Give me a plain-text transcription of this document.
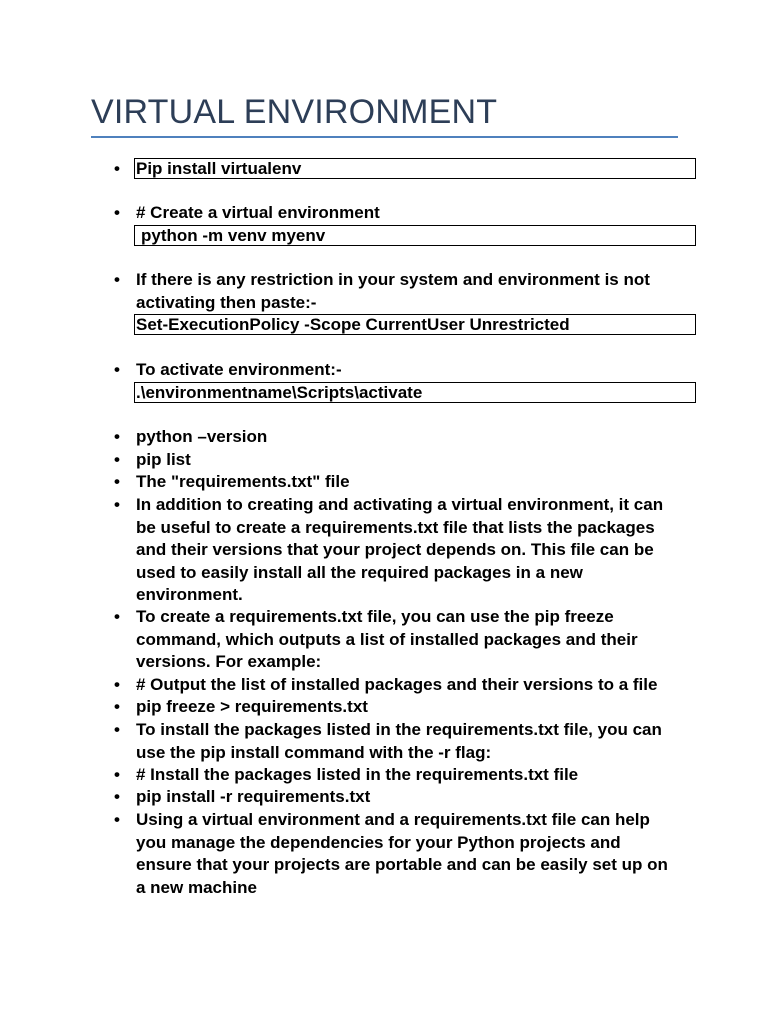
VIRTUAL ENVIRONMENT
• Pip install virtualenv
• # Create a virtual environment
python -m venv myenv
• If there is any restriction in your system and environment is not activating then paste:-
Set-ExecutionPolicy -Scope CurrentUser Unrestricted
• To activate environment:-
.\environmentname\Scripts\activate
• python –version
• pip list
• The "requirements.txt" file
• In addition to creating and activating a virtual environment, it can be useful to create a requirements.txt file that lists the packages and their versions that your project depends on. This file can be used to easily install all the required packages in a new environment.
• To create a requirements.txt file, you can use the pip freeze command, which outputs a list of installed packages and their versions. For example:
• # Output the list of installed packages and their versions to a file
• pip freeze > requirements.txt
• To install the packages listed in the requirements.txt file, you can use the pip install command with the -r flag:
• # Install the packages listed in the requirements.txt file
• pip install -r requirements.txt
• Using a virtual environment and a requirements.txt file can help you manage the dependencies for your Python projects and ensure that your projects are portable and can be easily set up on a new machine
